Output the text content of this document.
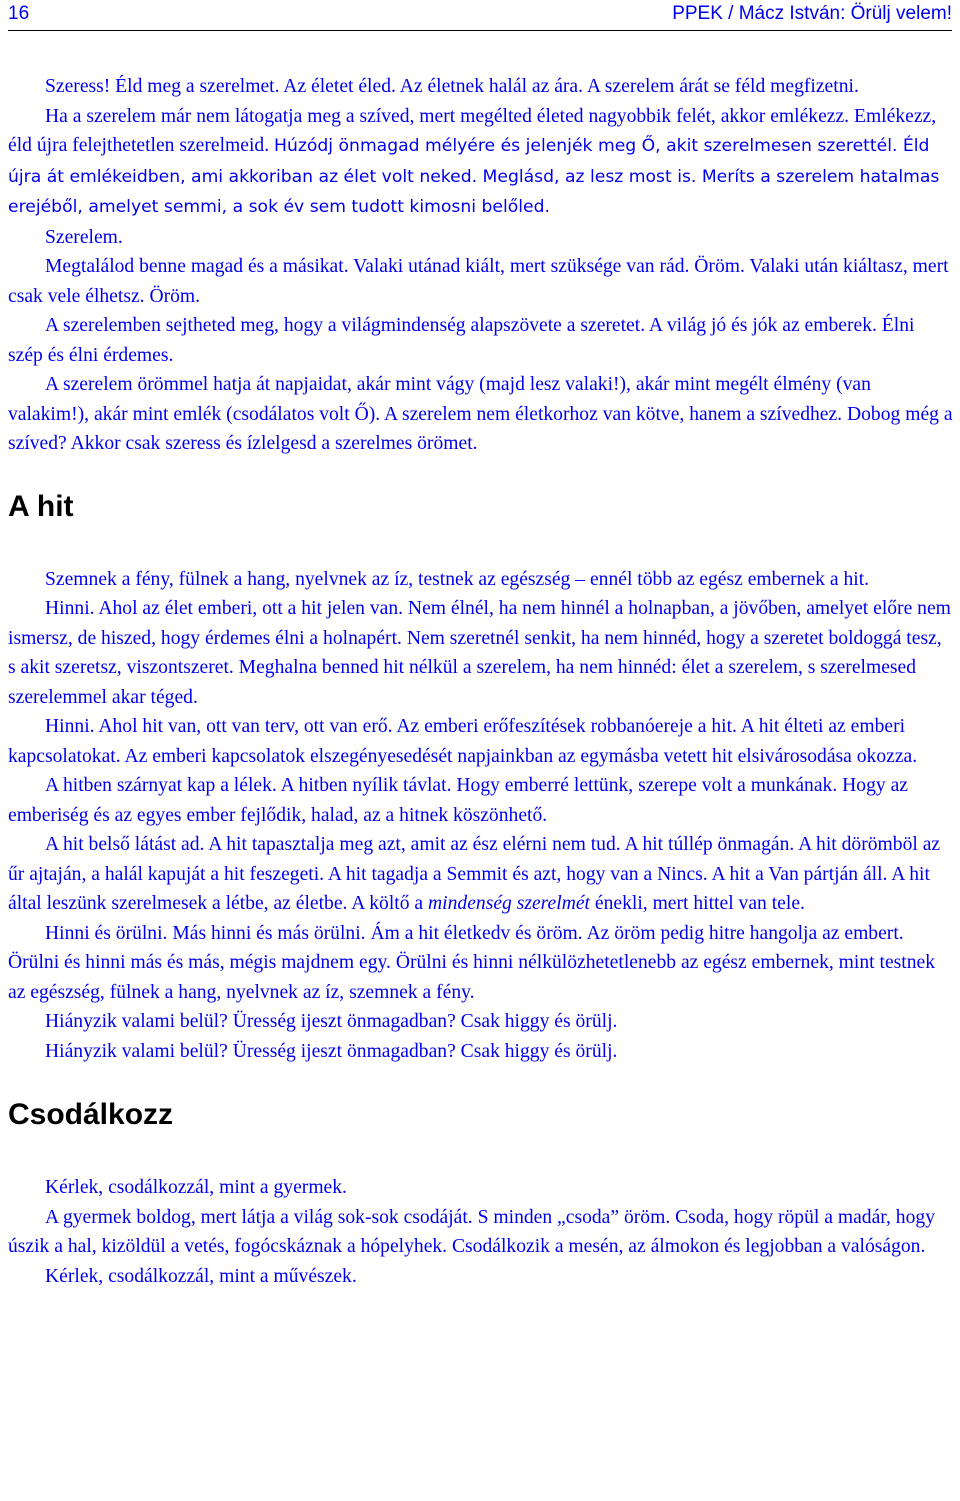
16	PPEK / Mácz István: Örülj velem!

Szeress! Éld meg a szerelmet. Az életet éled. Az életnek halál az ára. A szerelem árát se féld megfizetni.

Ha a szerelem már nem látogatja meg a szíved, mert megélted életed nagyobbik felét, akkor emlékezz. Emlékezz, éld újra felejthetetlen szerelmeid. Húzódj önmagad mélyére és jelenjék meg Ő, akit szerelmesen szerettél. Éld újra át emlékeidben, ami akkoriban az élet volt neked. Meglásd, az lesz most is. Meríts a szerelem hatalmas erejéből, amelyet semmi, a sok év sem tudott kimosni belőled.

Szerelem.

Megtalálod benne magad és a másikat. Valaki utánad kiált, mert szüksége van rád. Öröm. Valaki után kiáltasz, mert csak vele élhetsz. Öröm.

A szerelemben sejtheted meg, hogy a világmindenség alapszövete a szeretet. A világ jó és jók az emberek. Élni szép és élni érdemes.

A szerelem örömmel hatja át napjaidat, akár mint vágy (majd lesz valaki!), akár mint megélt élmény (van valakim!), akár mint emlék (csodálatos volt Ő). A szerelem nem életkorhoz van kötve, hanem a szívedhez. Dobog még a szíved? Akkor csak szeress és ízlelgesd a szerelmes örömet.

A hit

Szemnek a fény, fülnek a hang, nyelvnek az íz, testnek az egészség – ennél több az egész embernek a hit.

Hinni. Ahol az élet emberi, ott a hit jelen van. Nem élnél, ha nem hinnél a holnapban, a jövőben, amelyet előre nem ismersz, de hiszed, hogy érdemes élni a holnapért. Nem szeretnél senkit, ha nem hinnéd, hogy a szeretet boldoggá tesz, s akit szeretsz, viszontszeret. Meghalna benned hit nélkül a szerelem, ha nem hinnéd: élet a szerelem, s szerelmesed szerelemmel akar téged.

Hinni. Ahol hit van, ott van terv, ott van erő. Az emberi erőfeszítések robbanóereje a hit. A hit élteti az emberi kapcsolatokat. Az emberi kapcsolatok elszegényesedését napjainkban az egymásba vetett hit elsivárosodása okozza.

A hitben szárnyat kap a lélek. A hitben nyílik távlat. Hogy emberré lettünk, szerepe volt a munkának. Hogy az emberiség és az egyes ember fejlődik, halad, az a hitnek köszönhető.

A hit belső látást ad. A hit tapasztalja meg azt, amit az ész elérni nem tud. A hit túllép önmagán. A hit dörömböl az űr ajtaján, a halál kapuját a hit feszegeti. A hit tagadja a Semmit és azt, hogy van a Nincs. A hit a Van pártján áll. A hit által leszünk szerelmesek a létbe, az életbe. A költő a mindenség szerelmét énekli, mert hittel van tele.

Hinni és örülni. Más hinni és más örülni. Ám a hit életkedv és öröm. Az öröm pedig hitre hangolja az embert. Örülni és hinni más és más, mégis majdnem egy. Örülni és hinni nélkülözhetetlenebb az egész embernek, mint testnek az egészség, fülnek a hang, nyelvnek az íz, szemnek a fény.

Hiányzik valami belül? Üresség ijeszt önmagadban? Csak higgy és örülj.

Hiányzik valami belül? Üresség ijeszt önmagadban? Csak higgy és örülj.

Csodálkozz

Kérlek, csodálkozzál, mint a gyermek.

A gyermek boldog, mert látja a világ sok-sok csodáját. S minden „csoda” öröm. Csoda, hogy röpül a madár, hogy úszik a hal, kizöldül a vetés, fogócskáznak a hópelyhek. Csodálkozik a mesén, az álmokon és legjobban a valóságon.

Kérlek, csodálkozzál, mint a művészek.
